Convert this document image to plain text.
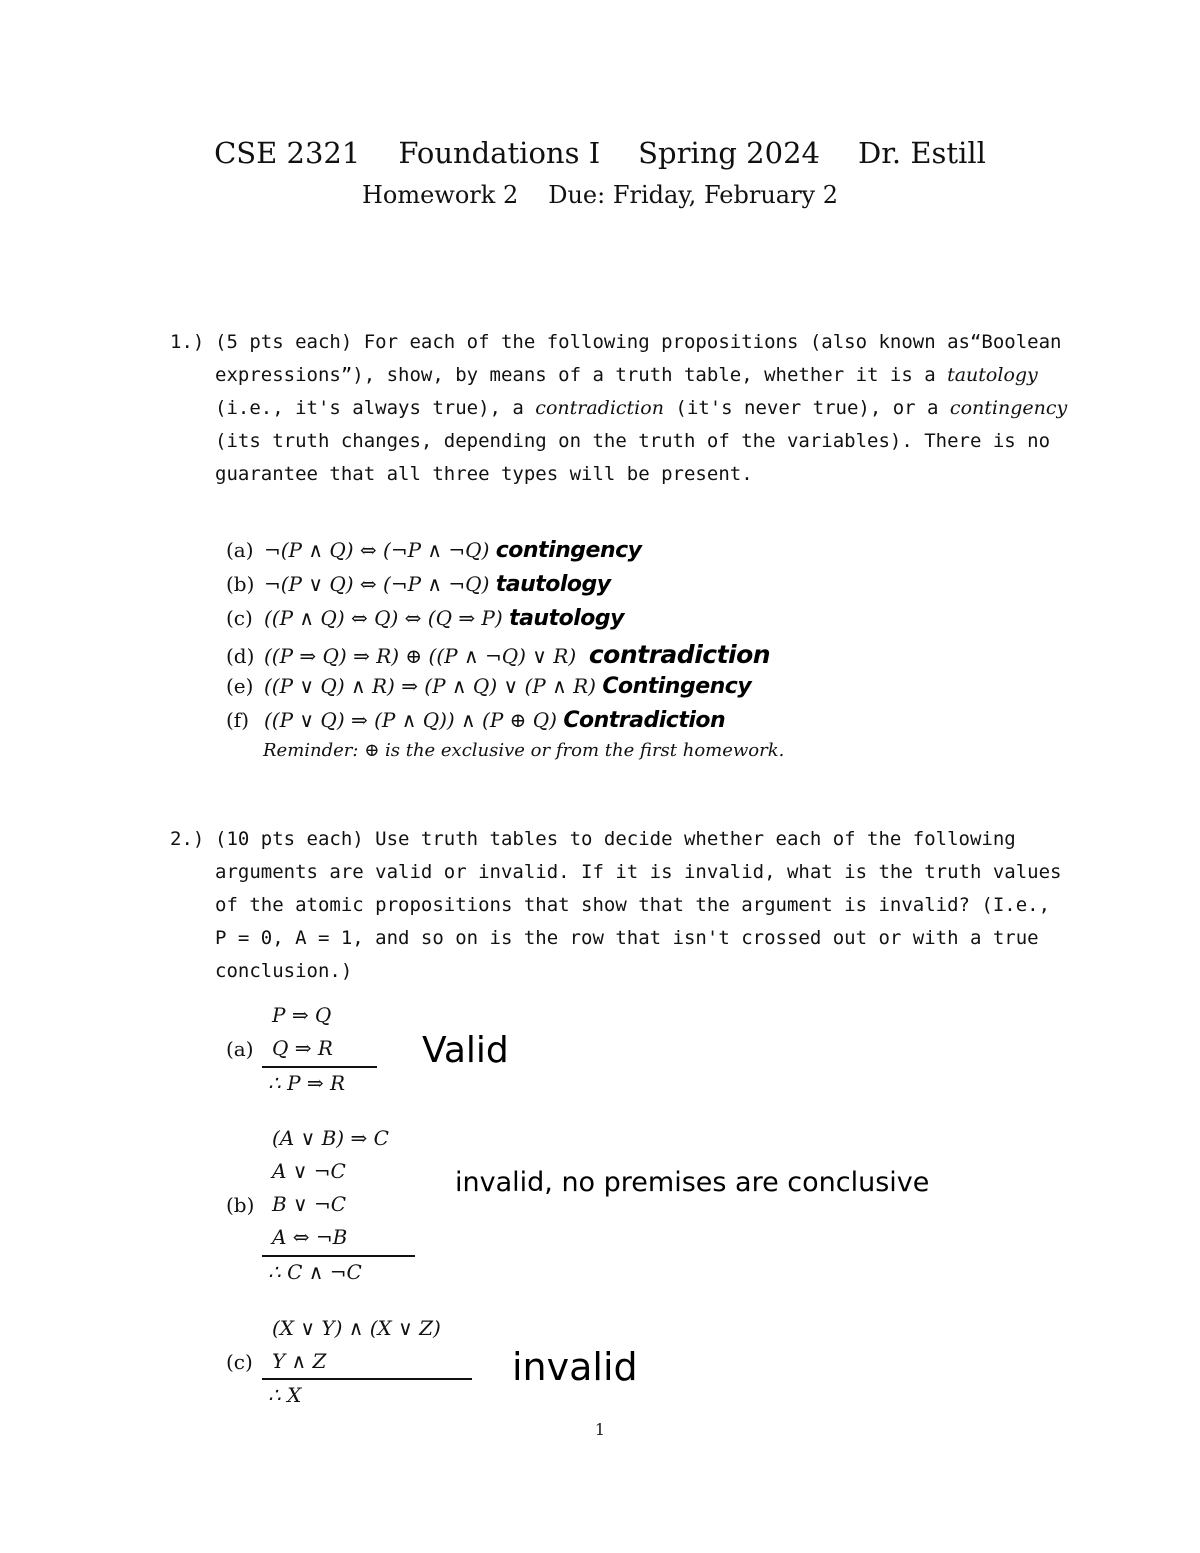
CSE 2321 Foundations I Spring 2024 Dr. Estill
Homework 2 Due: Friday, February 2
1.) (5 pts each) For each of the following propositions (also known as“Boolean expressions”), show, by means of a truth table, whether it is a tautology (i.e., it's always true), a contradiction (it's never true), or a contingency (its truth changes, depending on the truth of the variables). There is no guarantee that all three types will be present.
(a) ¬(P ∧ Q) ⇔ (¬P ∧ ¬Q) contingency
(b) ¬(P ∨ Q) ⇔ (¬P ∧ ¬Q) tautology
(c) ((P ∧ Q) ⇔ Q) ⇔ (Q ⇒ P) tautology
(d) ((P ⇒ Q) ⇒ R) ⊕ ((P ∧ ¬Q) ∨ R) contradiction
(e) ((P ∨ Q) ∧ R) ⇒ (P ∧ Q) ∨ (P ∧ R) Contingency
(f) ((P ∨ Q) ⇒ (P ∧ Q)) ∧ (P ⊕ Q) Contradiction
Reminder: ⊕ is the exclusive or from the first homework.
2.) (10 pts each) Use truth tables to decide whether each of the following arguments are valid or invalid. If it is invalid, what is the truth values of the atomic propositions that show that the argument is invalid? (I.e., P = 0, A = 1, and so on is the row that isn't crossed out or with a true conclusion.)
(a)
P ⇒ Q
Q ⇒ R
∴ P ⇒ R
Valid
(b)
(A ∨ B) ⇒ C
A ∨ ¬C
B ∨ ¬C
A ⇔ ¬B
∴ C ∧ ¬C
invalid, no premises are conclusive
(c)
(X ∨ Y) ∧ (X ∨ Z)
Y ∧ Z
∴ X
invalid
1
